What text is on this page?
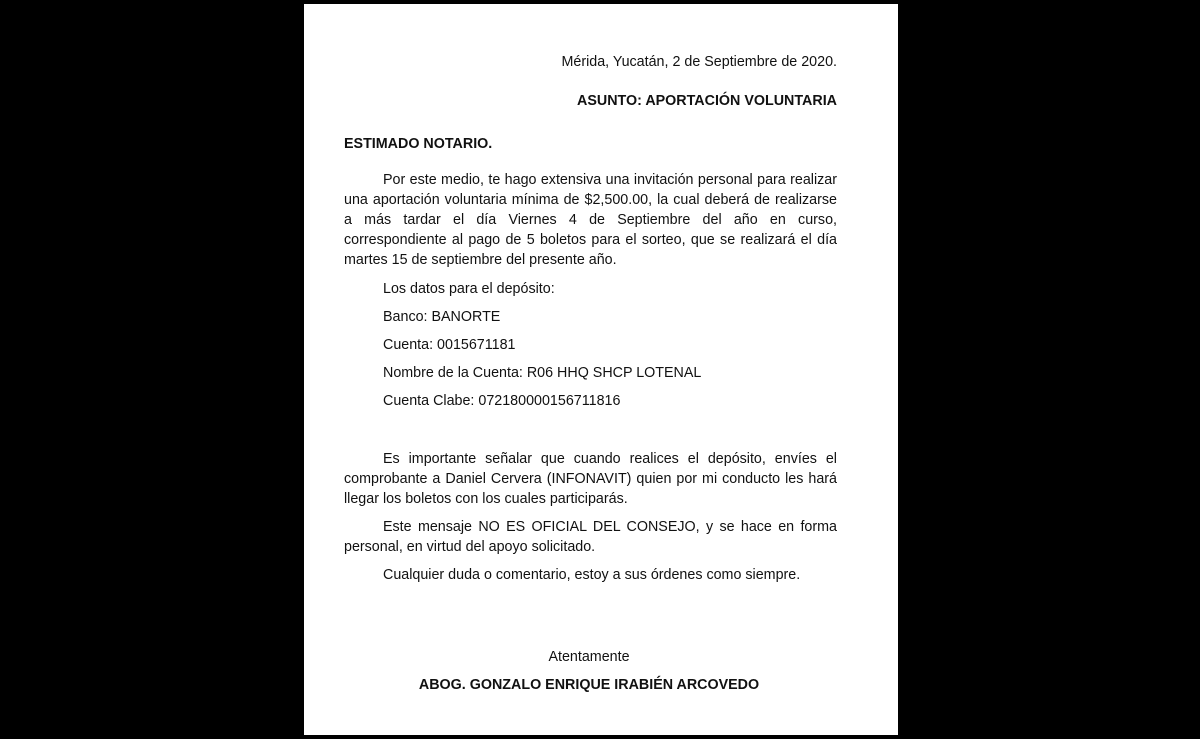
Mérida, Yucatán, 2 de Septiembre de 2020.
ASUNTO: APORTACIÓN VOLUNTARIA
ESTIMADO NOTARIO.
Por este medio, te hago extensiva una invitación personal para realizar una aportación voluntaria mínima de $2,500.00, la cual deberá de realizarse a más tardar el día Viernes 4 de Septiembre del año en curso, correspondiente al pago de 5 boletos para el sorteo, que se realizará el día martes 15 de septiembre del presente año.
Los datos para el depósito:
Banco: BANORTE
Cuenta: 0015671181
Nombre de la Cuenta: R06 HHQ SHCP LOTENAL
Cuenta Clabe: 072180000156711816
Es importante señalar que cuando realices el depósito, envíes el comprobante a Daniel Cervera (INFONAVIT) quien por mi conducto les hará llegar los boletos con los cuales participarás.
Este mensaje NO ES OFICIAL DEL CONSEJO, y se hace en forma personal, en virtud del apoyo solicitado.
Cualquier duda o comentario, estoy a sus órdenes como siempre.
Atentamente
ABOG. GONZALO ENRIQUE IRABIÉN ARCOVEDO
